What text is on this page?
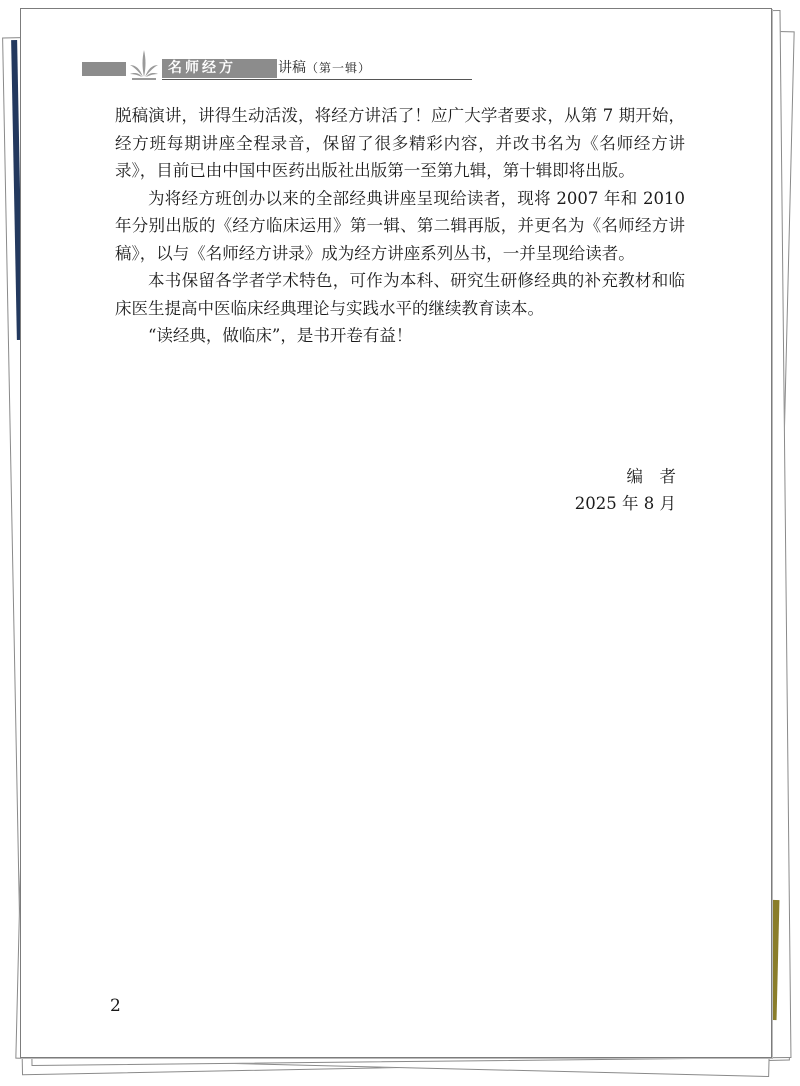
名师经方	讲稿（第一辑）

脱稿演讲，讲得生动活泼，将经方讲活了！应广大学者要求，从第 7 期开始，经方班每期讲座全程录音，保留了很多精彩内容，并改书名为《名师经方讲录》，目前已由中国中医药出版社出版第一至第九辑，第十辑即将出版。

为将经方班创办以来的全部经典讲座呈现给读者，现将 2007 年和 2010 年分别出版的《经方临床运用》第一辑、第二辑再版，并更名为《名师经方讲稿》，以与《名师经方讲录》成为经方讲座系列丛书，一并呈现给读者。

本书保留各学者学术特色，可作为本科、研究生研修经典的补充教材和临床医生提高中医临床经典理论与实践水平的继续教育读本。

“读经典，做临床”，是书开卷有益！

编　者
2025 年 8 月
2
